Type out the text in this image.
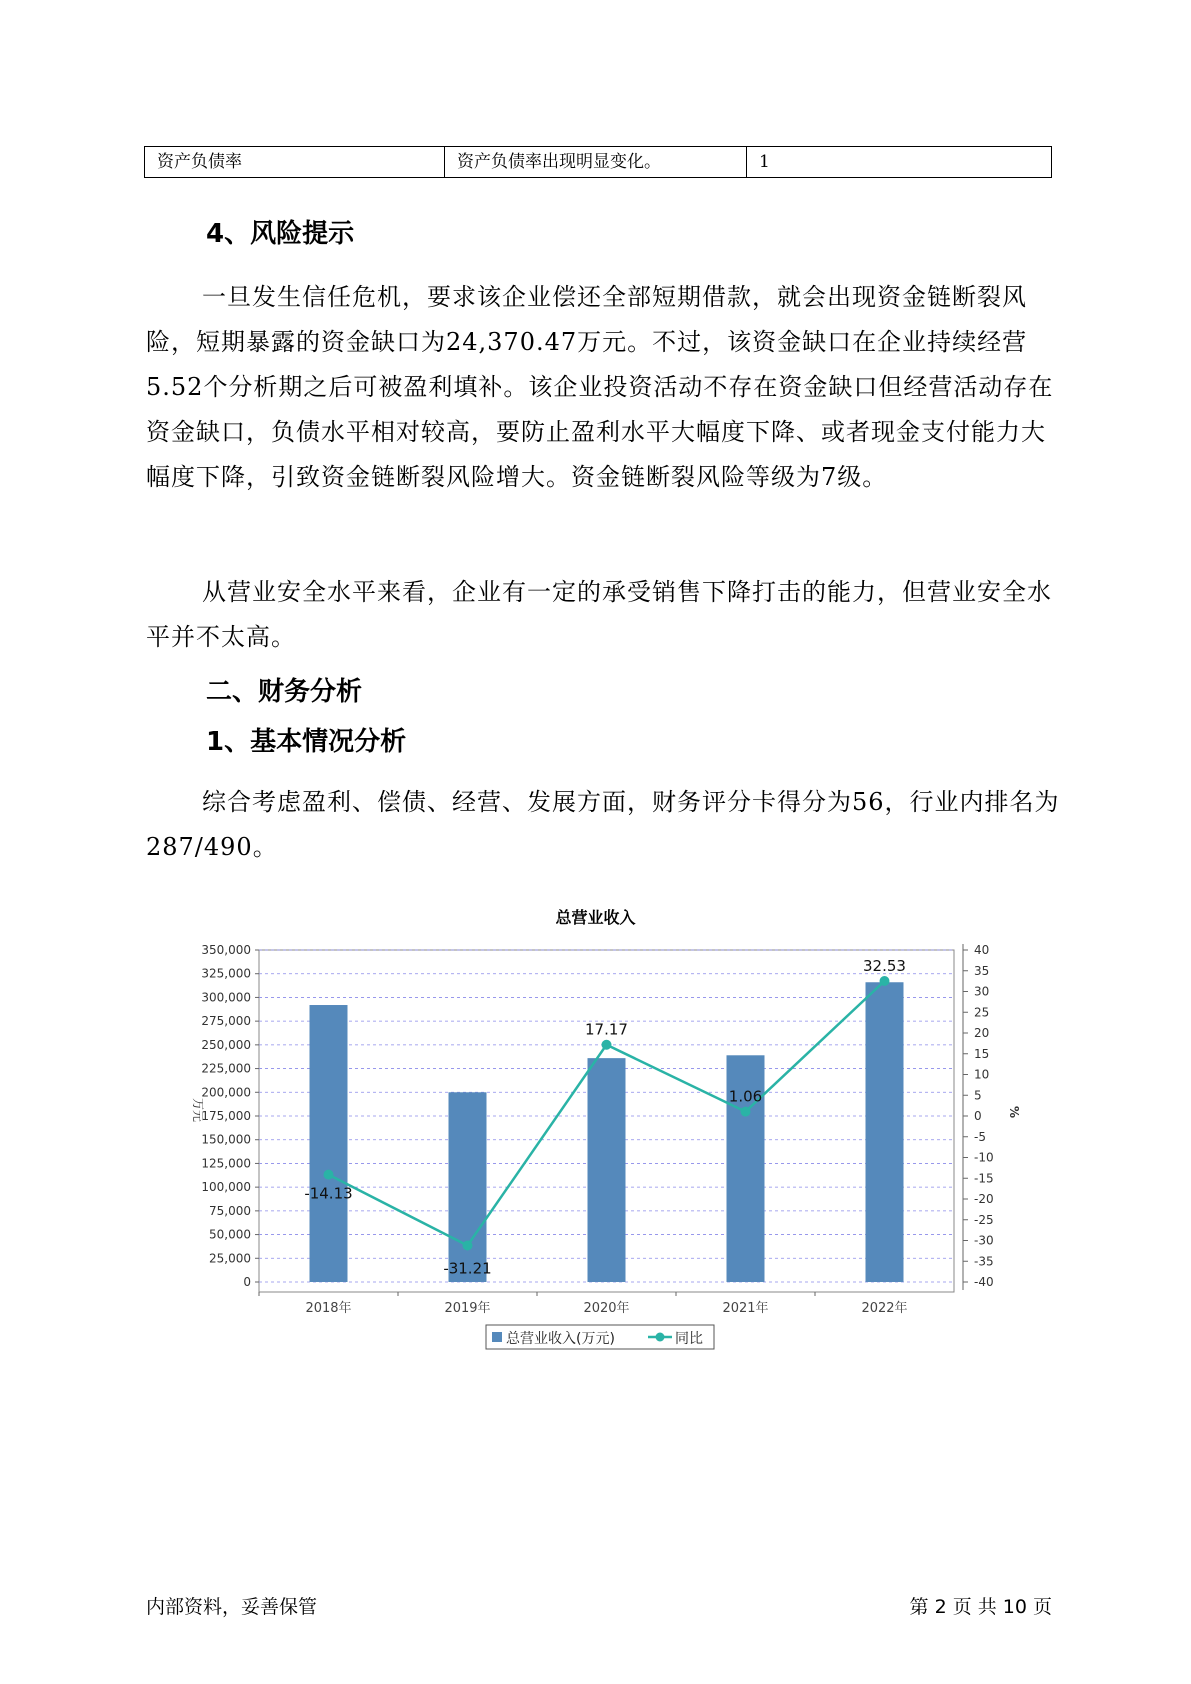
资产负债率	资产负债率出现明显变化。	1
4、风险提示

一旦发生信任危机，要求该企业偿还全部短期借款，就会出现资金链断裂风险，短期暴露的资金缺口为24,370.47万元。不过，该资金缺口在企业持续经营 5.52个分析期之后可被盈利填补。该企业投资活动不存在资金缺口但经营活动存在资金缺口，负债水平相对较高，要防止盈利水平大幅度下降、或者现金支付能力大幅度下降，引致资金链断裂风险增大。资金链断裂风险等级为7级。

从营业安全水平来看，企业有一定的承受销售下降打击的能力，但营业安全水平并不太高。

二、财务分析
1、基本情况分析

综合考虑盈利、偿债、经营、发展方面，财务评分卡得分为56，行业内排名为287/490。

总营业收入
0
25,000
50,000
75,000
100,000
125,000
150,000
175,000
200,000
225,000
250,000
275,000
300,000
325,000
350,000
-40
-35
-30
-25
-20
-15
-10
-5
0
5
10
15
20
25
30
35
40
万元	%
2018年	2019年	2020年	2021年	2022年
-14.13
-31.21
17.17
1.06
32.53
总营业收入(万元)	同比
内部资料，妥善保管	第 2 页 共 10 页
